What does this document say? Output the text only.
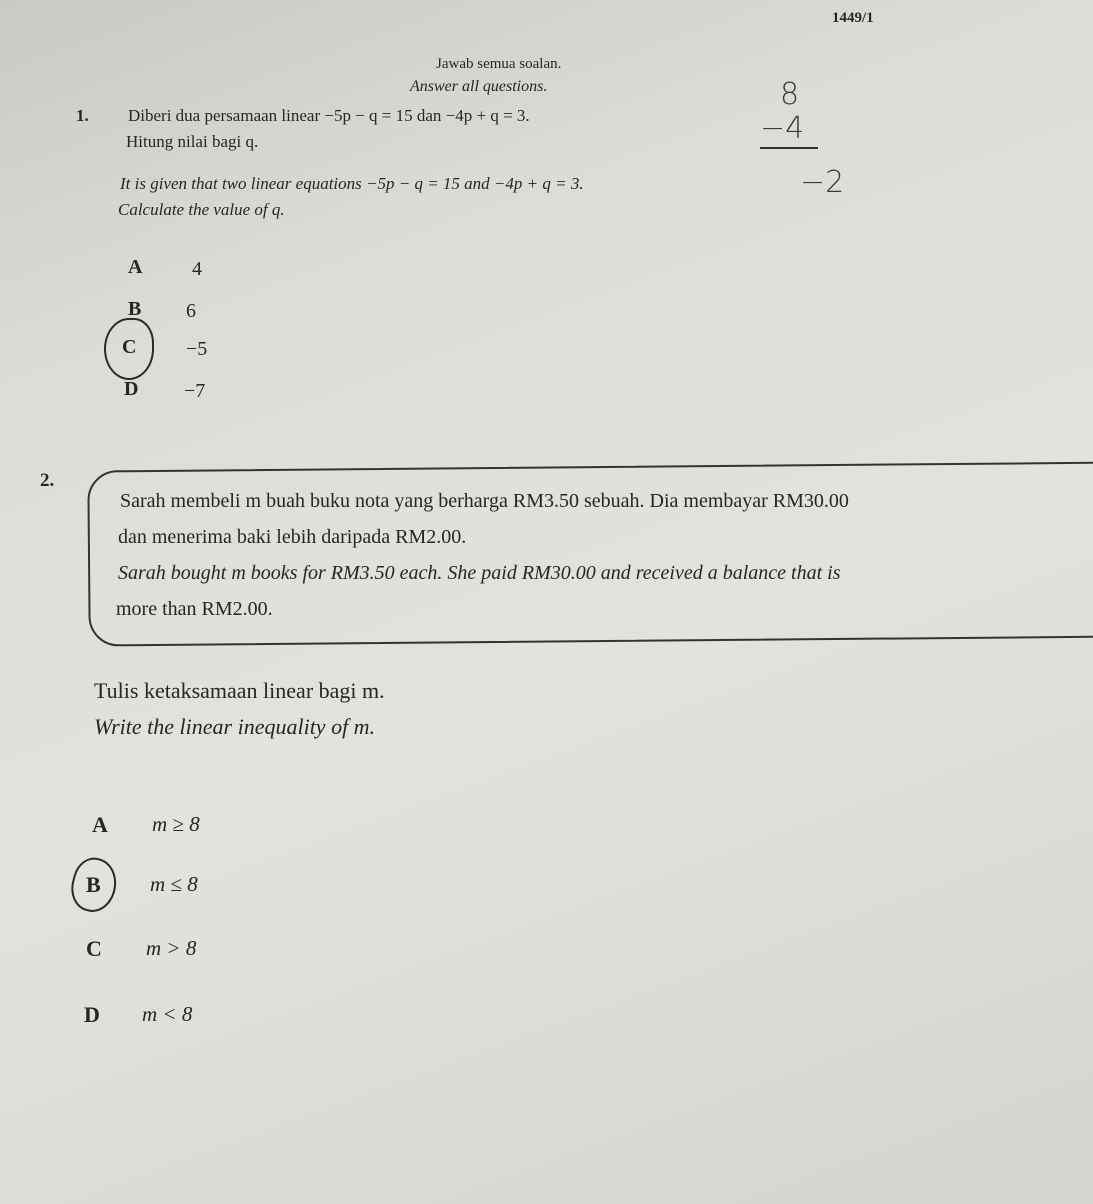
1449/1
Jawab semua soalan.
Answer all questions.
1. Diberi dua persamaan linear −5p − q = 15 dan −4p + q = 3.
Hitung nilai bagi q.
It is given that two linear equations −5p − q = 15 and −4p + q = 3.
Calculate the value of q.
8
−4
−2
A 4
B 6
C −5
D −7
2.
Sarah membeli m buah buku nota yang berharga RM3.50 sebuah. Dia membayar RM30.00
dan menerima baki lebih daripada RM2.00.
Sarah bought m books for RM3.50 each. She paid RM30.00 and received a balance that is
more than RM2.00.
Tulis ketaksamaan linear bagi m.
Write the linear inequality of m.
A m ≥ 8
B m ≤ 8
C m > 8
D m < 8
